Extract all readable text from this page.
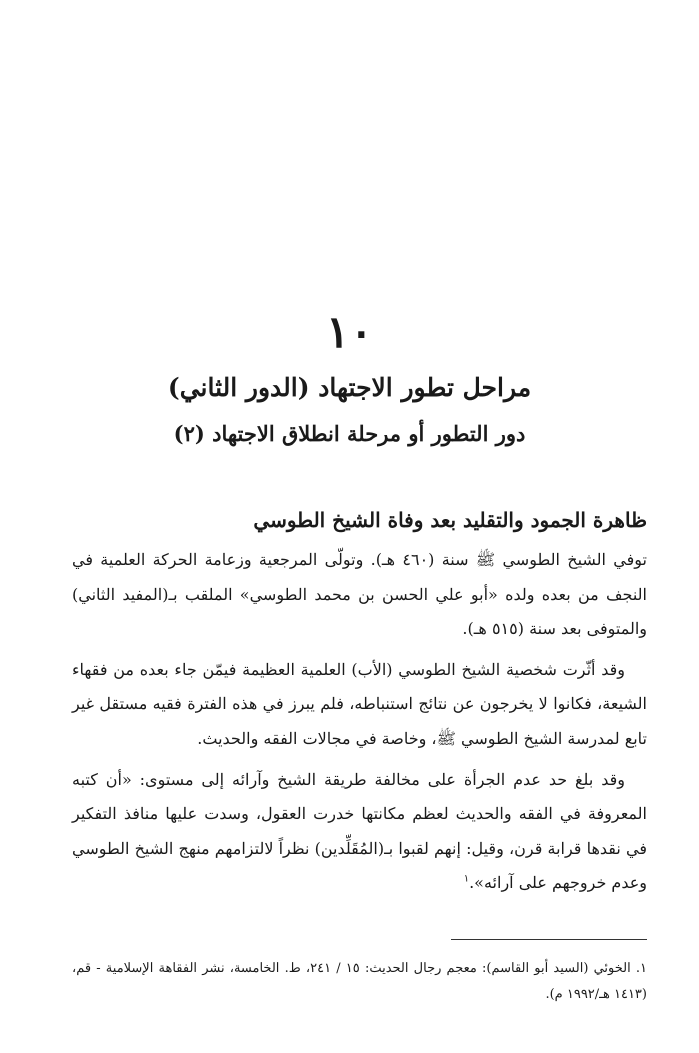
١٠
مراحل تطور الاجتهاد (الدور الثاني)
دور التطور أو مرحلة انطلاق الاجتهاد (٢)
ظاهرة الجمود والتقليد بعد وفاة الشيخ الطوسي

توفي الشيخ الطوسي ﷺ سنة (٤٦٠ هـ). وتولّى المرجعية وزعامة الحركة العلمية في النجف من بعده ولده «أبو علي الحسن بن محمد الطوسي» الملقب بـ(المفيد الثاني) والمتوفى بعد سنة (٥١٥ هـ).

وقد أثّرت شخصية الشيخ الطوسي (الأب) العلمية العظيمة فيمّن جاء بعده من فقهاء الشيعة، فكانوا لا يخرجون عن نتائج استنباطه، فلم يبرز في هذه الفترة فقيه مستقل غير تابع لمدرسة الشيخ الطوسي ﷺ، وخاصة في مجالات الفقه والحديث.

وقد بلغ حد عدم الجرأة على مخالفة طريقة الشيخ وآرائه إلى مستوى: «أن كتبه المعروفة في الفقه والحديث لعظم مكانتها خدرت العقول، وسدت عليها منافذ التفكير في نقدها قرابة قرن، وقيل: إنهم لقبوا بـ(المُقَلِّدين) نظراً لالتزامهم منهج الشيخ الطوسي وعدم خروجهم على آرائه».$^١$

١. الخوئي (السيد أبو القاسم): معجم رجال الحديث: ١٥ / ٢٤١، ط. الخامسة، نشر الفقاهة الإسلامية - قم، (١٤١٣ هـ/١٩٩٢ م).
